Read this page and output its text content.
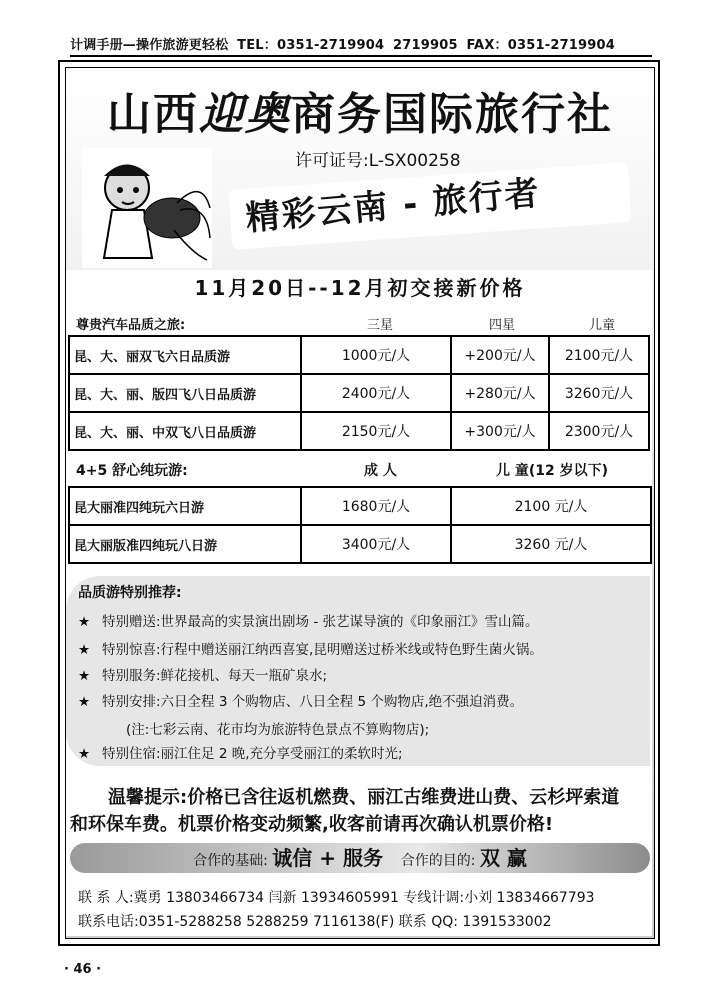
计调手册—操作旅游更轻松 TEL：0351-2719904 2719905 FAX：0351-2719904
山西迎奥商务国际旅行社
许可证号:L-SX00258
精彩云南 - 旅行者
11月20日--12月初交接新价格
尊贵汽车品质之旅:	三星	四星	儿童
昆、大、丽双飞六日品质游	1000元/人	+200元/人	2100元/人
昆、大、丽、版四飞八日品质游	2400元/人	+280元/人	3260元/人
昆、大、丽、中双飞八日品质游	2150元/人	+300元/人	2300元/人
4+5 舒心纯玩游:	成 人	儿 童(12 岁以下)
昆大丽准四纯玩六日游	1680元/人	2100 元/人
昆大丽版准四纯玩八日游	3400元/人	3260 元/人
品质游特别推荐:
★ 特别赠送:世界最高的实景演出剧场 - 张艺谋导演的《印象丽江》雪山篇。
★ 特别惊喜:行程中赠送丽江纳西喜宴,昆明赠送过桥米线或特色野生菌火锅。
★ 特别服务:鲜花接机、每天一瓶矿泉水;
★ 特别安排:六日全程 3 个购物店、八日全程 5 个购物店,绝不强迫消费。
(注:七彩云南、花市均为旅游特色景点不算购物店);
★ 特别住宿:丽江住足 2 晚,充分享受丽江的柔软时光;
温馨提示:价格已含往返机燃费、丽江古维费进山费、云杉坪索道
和环保车费。机票价格变动频繁,收客前请再次确认机票价格!
合作的基础: 诚信 + 服务 合作的目的: 双 赢
联 系 人:冀勇 13803466734 闫新 13934605991 专线计调:小刘 13834667793
联系电话:0351-5288258 5288259 7116138(F) 联系 QQ: 1391533002
· 46 ·
